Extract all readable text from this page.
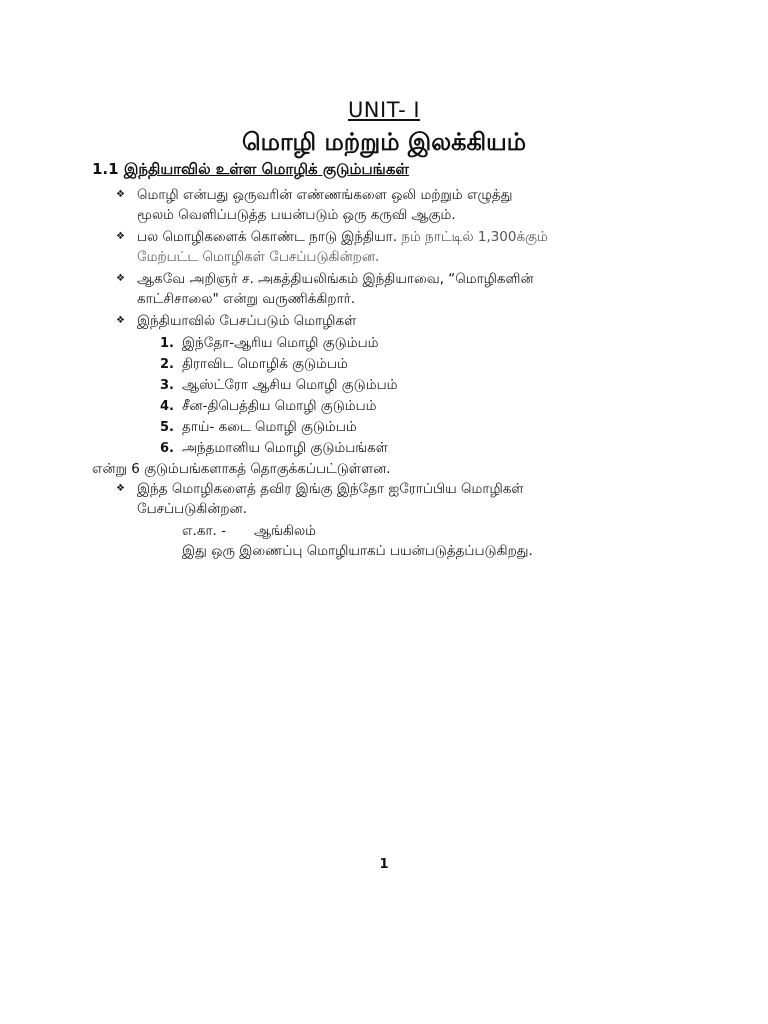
UNIT- I
மொழி மற்றும் இலக்கியம்
1.1 இந்தியாவில் உள்ள மொழிக் குடும்பங்கள்
❖ மொழி என்பது ஒருவரின் எண்ணங்களை ஒலி மற்றும் எழுத்து
மூலம் வெளிப்படுத்த பயன்படும் ஒரு கருவி ஆகும்.
❖ பல மொழிகளைக் கொண்ட நாடு இந்தியா. நம் நாட்டில் 1,300க்கும்
மேற்பட்ட மொழிகள் பேசப்படுகின்றன.
❖ ஆகவே அறிஞர் ச. அகத்தியலிங்கம் இந்தியாவை, “மொழிகளின்
காட்சிசாலை" என்று வருணிக்கிறார்.
❖ இந்தியாவில் பேசப்படும் மொழிகள்
1. இந்தோ-ஆரிய மொழி குடும்பம்
2. திராவிட மொழிக் குடும்பம்
3. ஆஸ்ட்ரோ ஆசிய மொழி குடும்பம்
4. சீன-திபெத்திய மொழி குடும்பம்
5. தாய்- கடை மொழி குடும்பம்
6. அந்தமானிய மொழி குடும்பங்கள்
என்று 6 குடும்பங்களாகத் தொகுக்கப்பட்டுள்ளன.
❖ இந்த மொழிகளைத் தவிர இங்கு இந்தோ ஐரோப்பிய மொழிகள்
பேசப்படுகின்றன.
எ.கா. - ஆங்கிலம்
இது ஒரு இணைப்பு மொழியாகப் பயன்படுத்தப்படுகிறது.
1
